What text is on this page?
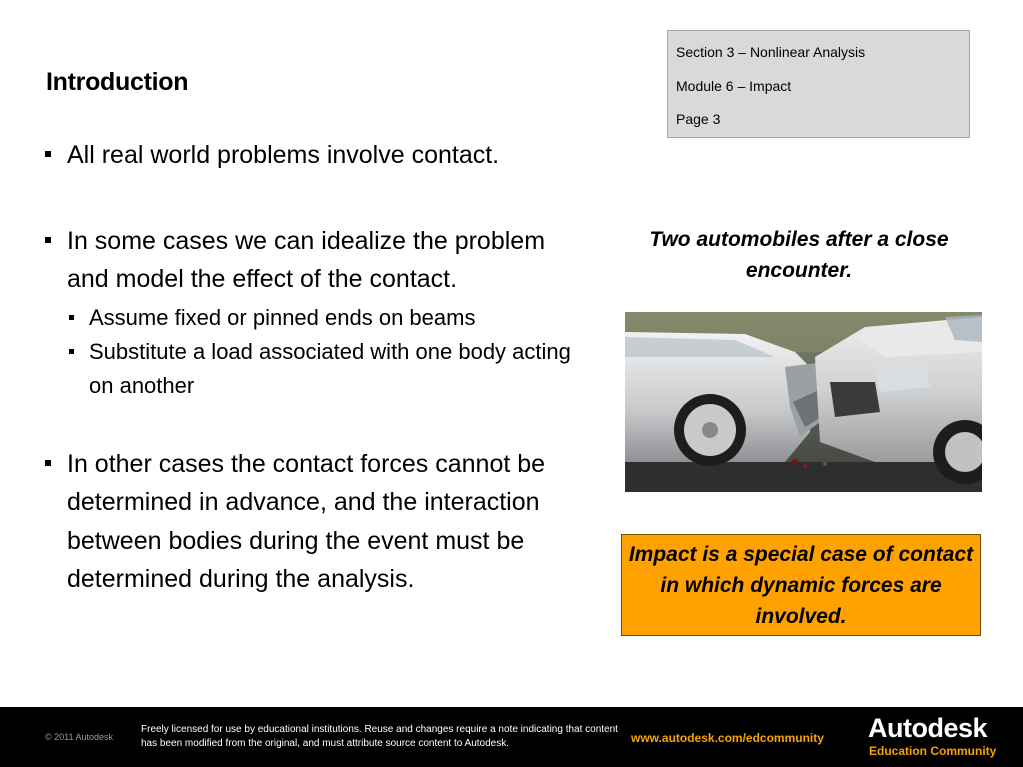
Section 3 – Nonlinear Analysis
Module 6 – Impact
Page 3
Introduction
All real world problems involve contact.
In some cases we can idealize the problem and model the effect of the contact.
Assume fixed or pinned ends on beams
Substitute a load associated with one body acting on another
In other cases the contact forces cannot be determined in advance, and the interaction between bodies during the event must be determined during the analysis.
Two automobiles after a close encounter.
Impact is a special case of contact in which dynamic forces are involved.
© 2011 Autodesk
Freely licensed for use by educational institutions. Reuse and changes require a note indicating that content has been modified from the original, and must attribute source content to Autodesk.	www.autodesk.com/edcommunity Autodesk
Education Community
